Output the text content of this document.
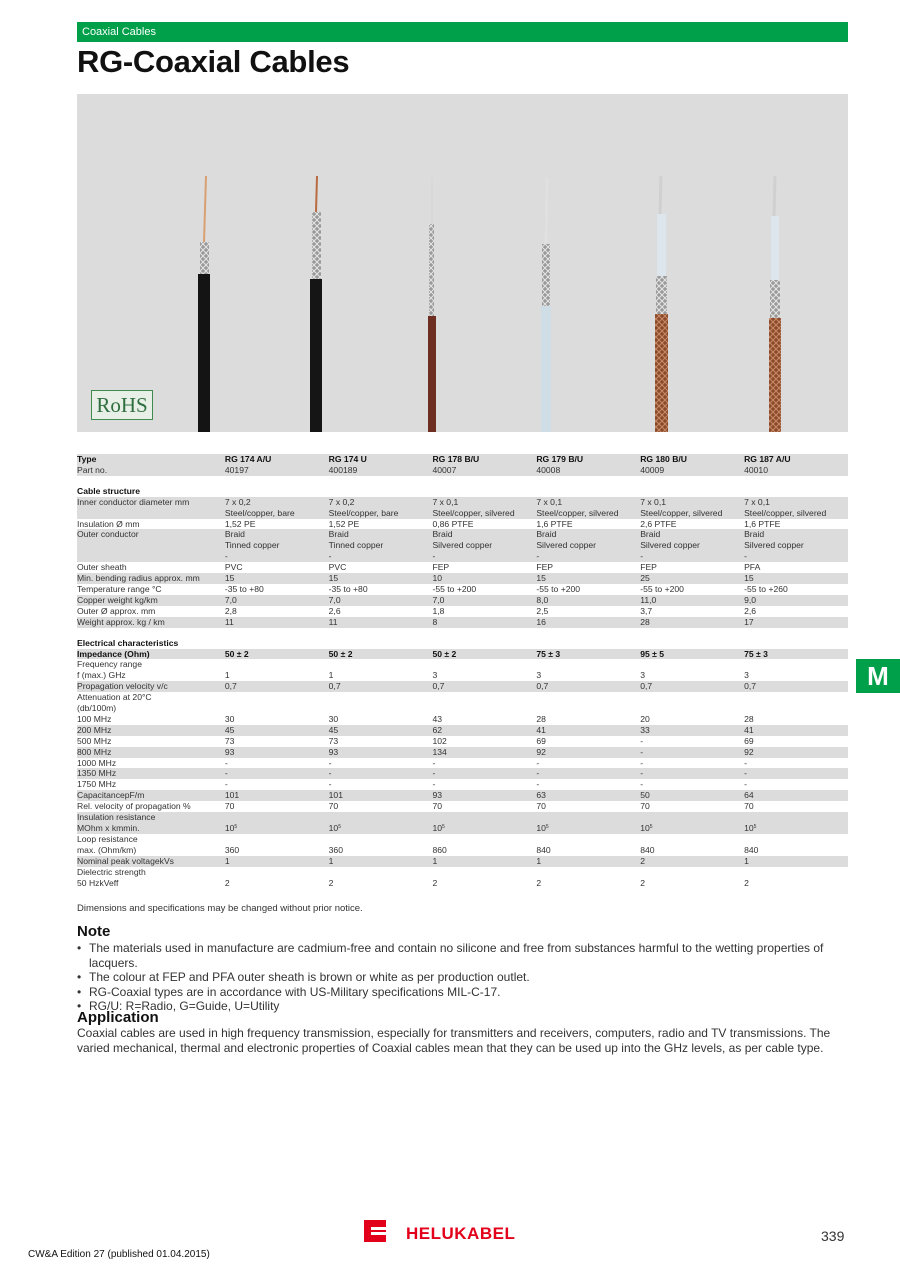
Coaxial Cables
RG-Coaxial Cables
RoHS
Type	RG 174 A/U	RG 174 U	RG 178 B/U	RG 179 B/U	RG 180 B/U	RG 187 A/U
Part no.	40197	400189	40007	40008	40009	40010

Cable structure						
Inner conductor diameter mm	7 x 0,2	7 x 0,2	7 x 0,1	7 x 0,1	7 x 0,1	7 x 0,1
	Steel/copper, bare	Steel/copper, bare	Steel/copper, silvered	Steel/copper, silvered	Steel/copper, silvered	Steel/copper, silvered
Insulation Ø mm	1,52 PE	1,52 PE	0,86 PTFE	1,6 PTFE	2,6 PTFE	1,6 PTFE
Outer conductor	Braid	Braid	Braid	Braid	Braid	Braid
	Tinned copper	Tinned copper	Silvered copper	Silvered copper	Silvered copper	Silvered copper
	-	-	-	-	-	-
Outer sheath	PVC	PVC	FEP	FEP	FEP	PFA
Min. bending radius approx. mm	15	15	10	15	25	15
Temperature range °C	-35 to +80	-35 to +80	-55 to +200	-55 to +200	-55 to +200	-55 to +260
Copper weight kg/km	7,0	7,0	7,0	8,0	11,0	9,0
Outer Ø approx. mm	2,8	2,6	1,8	2,5	3,7	2,6
Weight approx. kg / km	11	11	8	16	28	17

Electrical characteristics						
Impedance (Ohm)	50 ± 2	50 ± 2	50 ± 2	75 ± 3	95 ± 5	75 ± 3
Frequency range						
f (max.) GHz	1	1	3	3	3	3
Propagation velocity v/c	0,7	0,7	0,7	0,7	0,7	0,7
Attenuation at 20°C						
(db/100m)						
100 MHz	30	30	43	28	20	28
200 MHz	45	45	62	41	33	41
500 MHz	73	73	102	69	-	69
800 MHz	93	93	134	92	-	92
1000 MHz	-	-	-	-	-	-
1350 MHz	-	-	-	-	-	-
1750 MHz	-	-	-	-	-	-
CapacitancepF/m	101	101	93	63	50	64
Rel. velocity of propagation %	70	70	70	70	70	70
Insulation resistance						
MOhm x kmmin.	$10^5$	$10^5$	$10^5$	$10^5$	$10^5$	$10^5$
Loop resistance						
max. (Ohm/km)	360	360	860	840	840	840
Nominal peak voltagekVs	1	1	1	1	2	1
Dielectric strength						
50 HzkVeff	2	2	2	2	2	2
M
Dimensions and specifications may be changed without prior notice.
Note
• The materials used in manufacture are cadmium-free and contain no silicone and free from substances harmful to the wetting properties of lacquers.
• The colour at FEP and PFA outer sheath is brown or white as per production outlet.
• RG-Coaxial types are in accordance with US-Military specifications MIL-C-17.
• RG/U: R=Radio, G=Guide, U=Utility
Application
Coaxial cables are used in high frequency transmission, especially for transmitters and receivers, computers, radio and TV transmissions. The varied mechanical, thermal and electronic properties of Coaxial cables mean that they can be used up into the GHz levels, as per cable type.
HELUKABEL	339
CW&A Edition 27 (published 01.04.2015)
